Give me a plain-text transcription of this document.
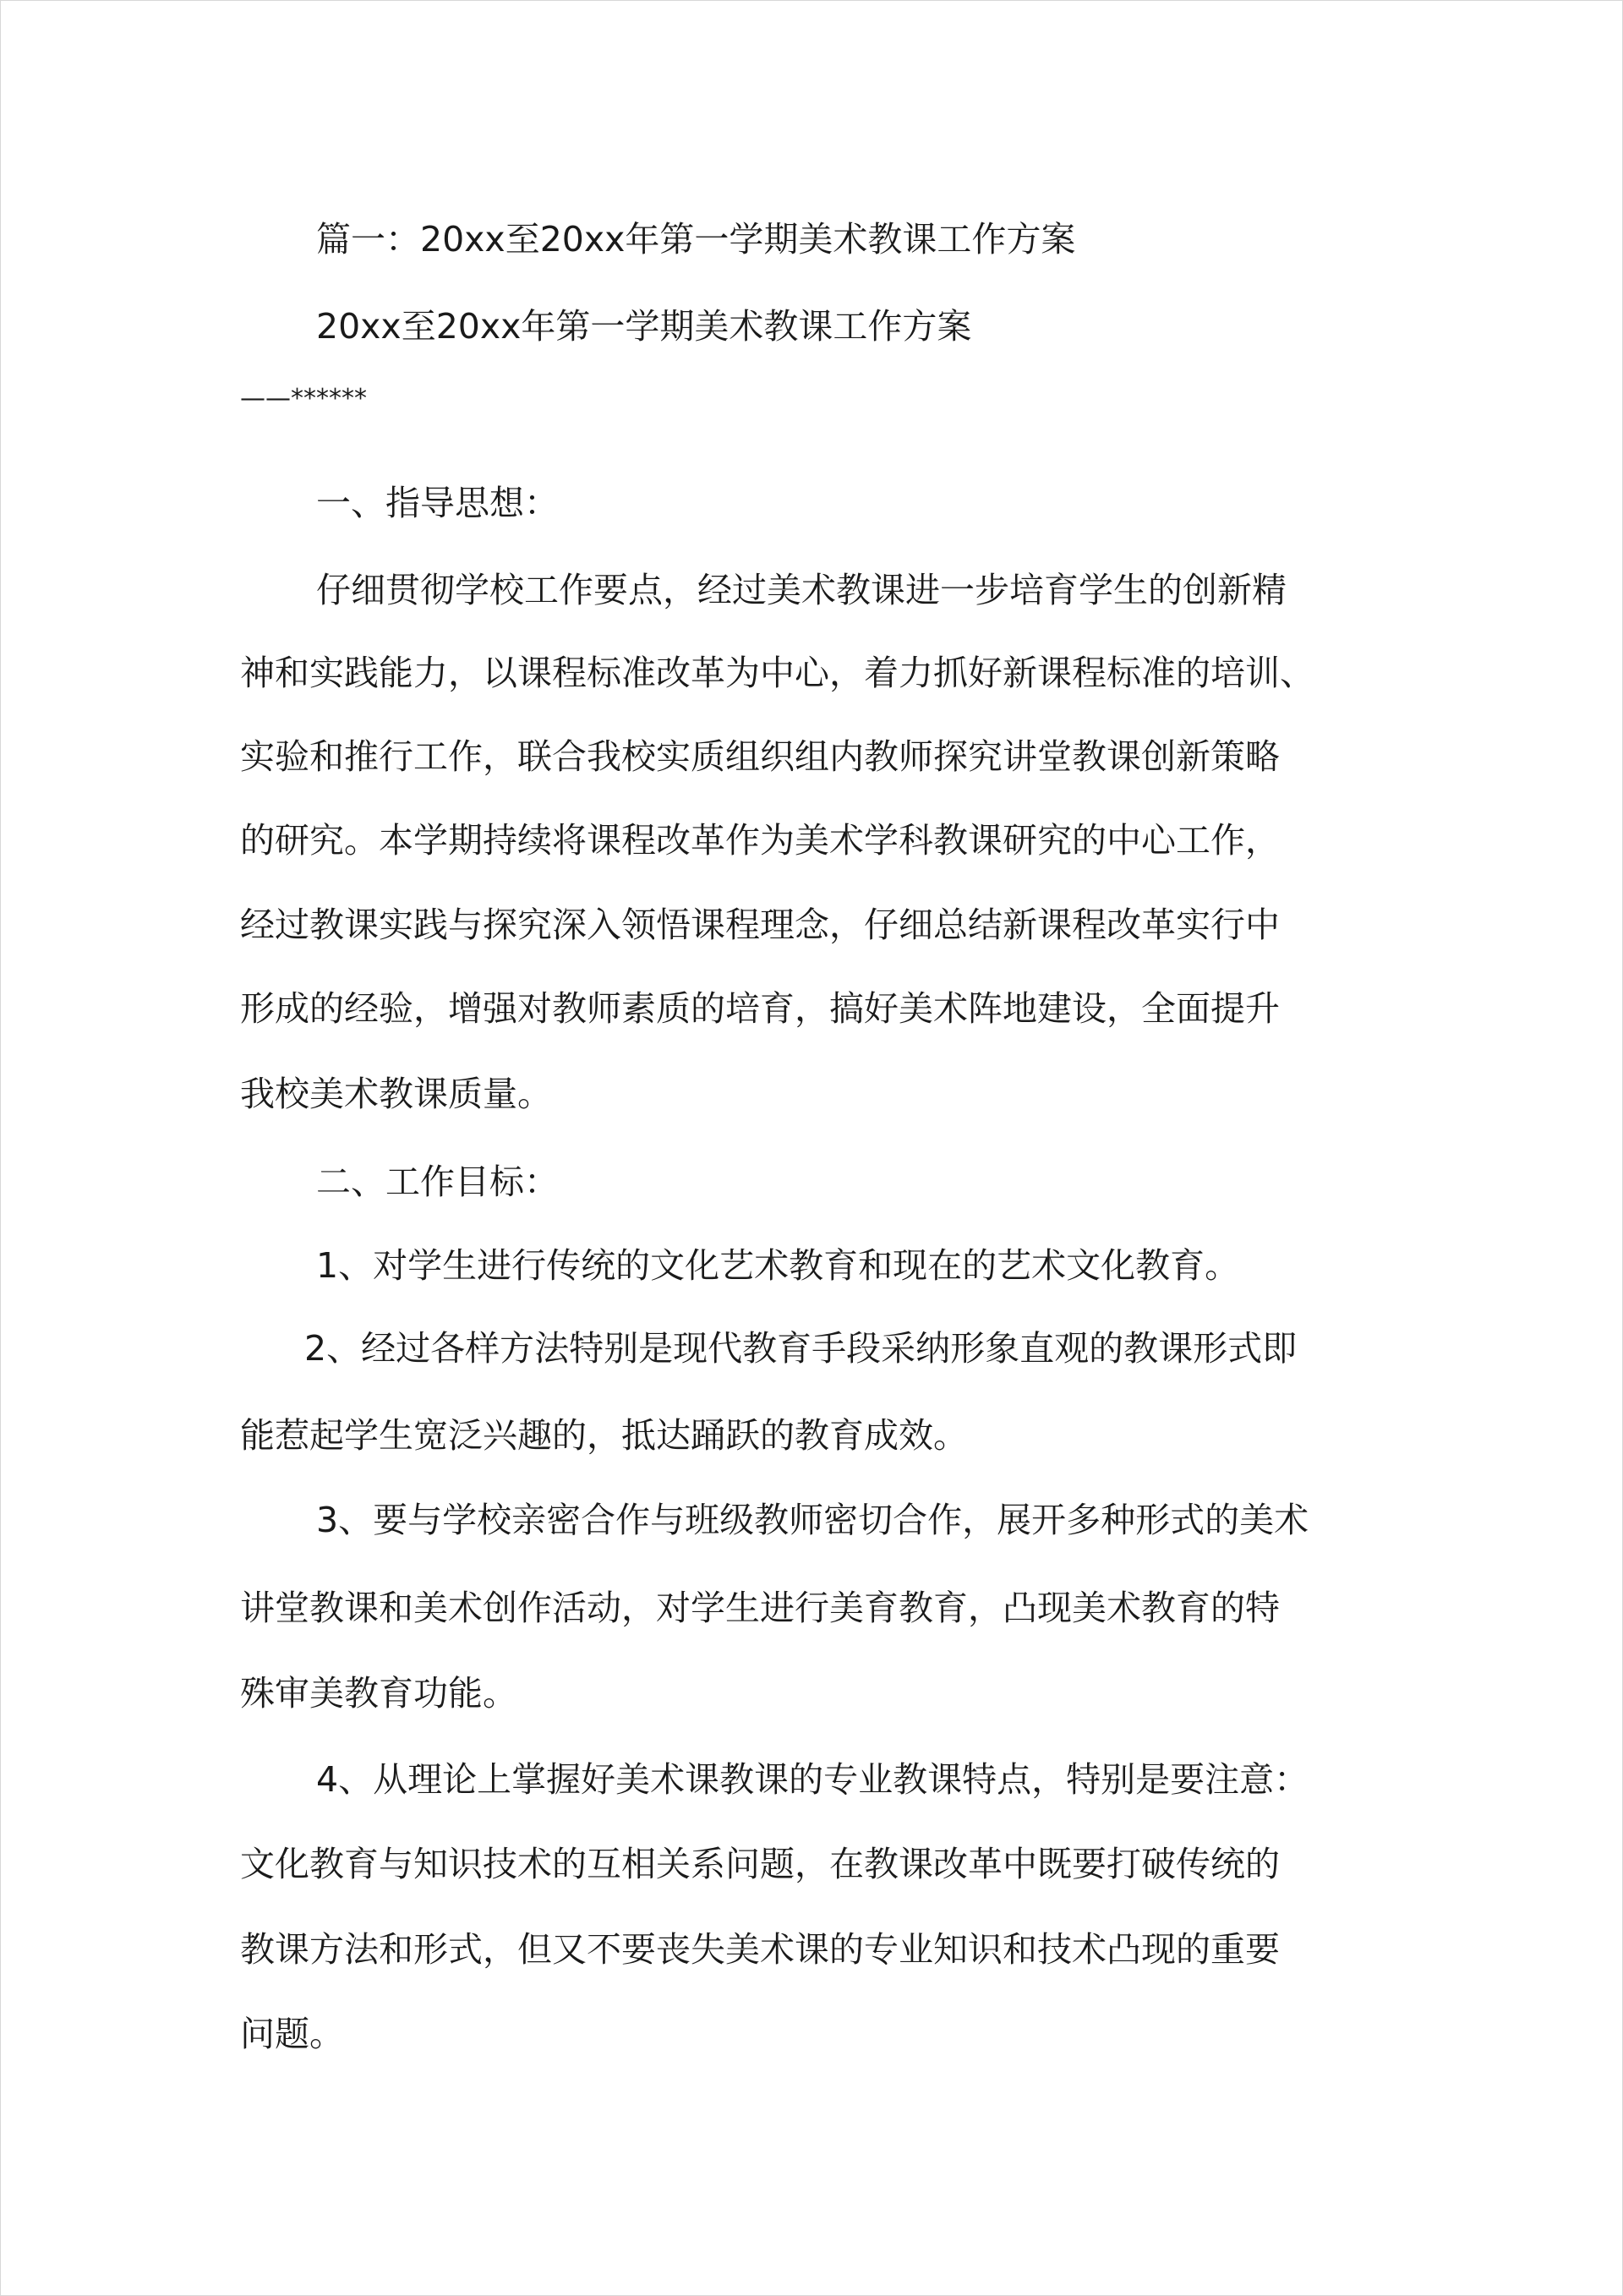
篇一：20xx至20xx年第一学期美术教课工作方案
20xx至20xx年第一学期美术教课工作方案
——******
一、指导思想：
仔细贯彻学校工作要点，经过美术教课进一步培育学生的创新精
神和实践能力，以课程标准改革为中心，着力抓好新课程标准的培训、
实验和推行工作，联合我校实质组织组内教师探究讲堂教课创新策略
的研究。本学期持续将课程改革作为美术学科教课研究的中心工作，
经过教课实践与探究深入领悟课程理念，仔细总结新课程改革实行中
形成的经验，增强对教师素质的培育，搞好美术阵地建设，全面提升
我校美术教课质量。
二、工作目标：
1、对学生进行传统的文化艺术教育和现在的艺术文化教育。
2、经过各样方法特别是现代教育手段采纳形象直观的教课形式即
能惹起学生宽泛兴趣的，抵达踊跃的教育成效。
3、要与学校亲密合作与班级教师密切合作，展开多种形式的美术
讲堂教课和美术创作活动，对学生进行美育教育，凸现美术教育的特
殊审美教育功能。
4、从理论上掌握好美术课教课的专业教课特点，特别是要注意：
文化教育与知识技术的互相关系问题，在教课改革中既要打破传统的
教课方法和形式，但又不要丧失美术课的专业知识和技术凸现的重要
问题。
